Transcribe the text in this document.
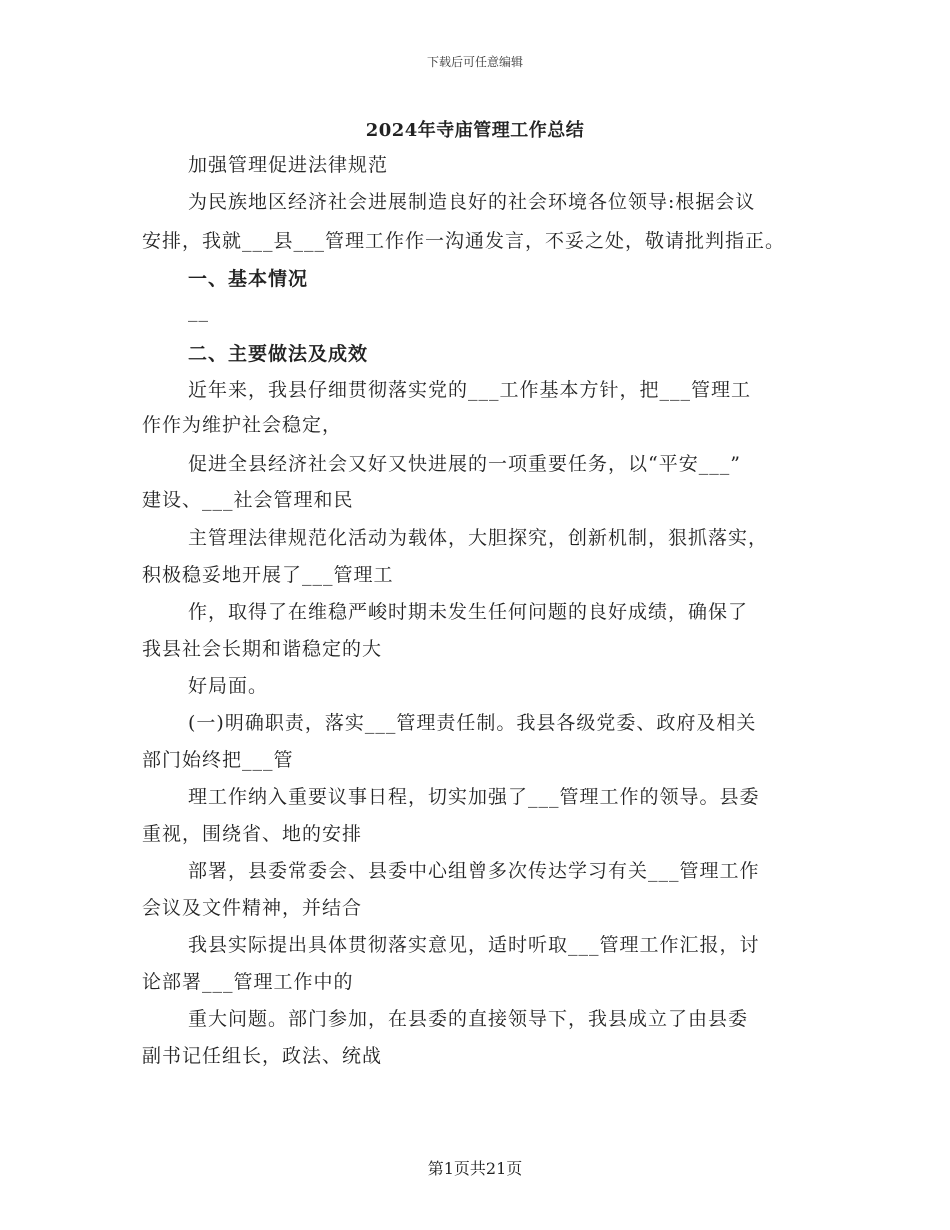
下载后可任意编辑
2024年寺庙管理工作总结
加强管理促进法律规范
为民族地区经济社会进展制造良好的社会环境各位领导:根据会议
安排，我就___县___管理工作作一沟通发言，不妥之处，敬请批判指正。
一、基本情况
__
二、主要做法及成效
近年来，我县仔细贯彻落实党的___工作基本方针，把___管理工
作作为维护社会稳定，
促进全县经济社会又好又快进展的一项重要任务，以“平安___”
建设、___社会管理和民
主管理法律规范化活动为载体，大胆探究，创新机制，狠抓落实，
积极稳妥地开展了___管理工
作，取得了在维稳严峻时期未发生任何问题的良好成绩，确保了
我县社会长期和谐稳定的大
好局面。
(一)明确职责，落实___管理责任制。我县各级党委、政府及相关
部门始终把___管
理工作纳入重要议事日程，切实加强了___管理工作的领导。县委
重视，围绕省、地的安排
部署，县委常委会、县委中心组曾多次传达学习有关___管理工作
会议及文件精神，并结合
我县实际提出具体贯彻落实意见，适时听取___管理工作汇报，讨
论部署___管理工作中的
重大问题。部门参加，在县委的直接领导下，我县成立了由县委
副书记任组长，政法、统战
第1页共21页
